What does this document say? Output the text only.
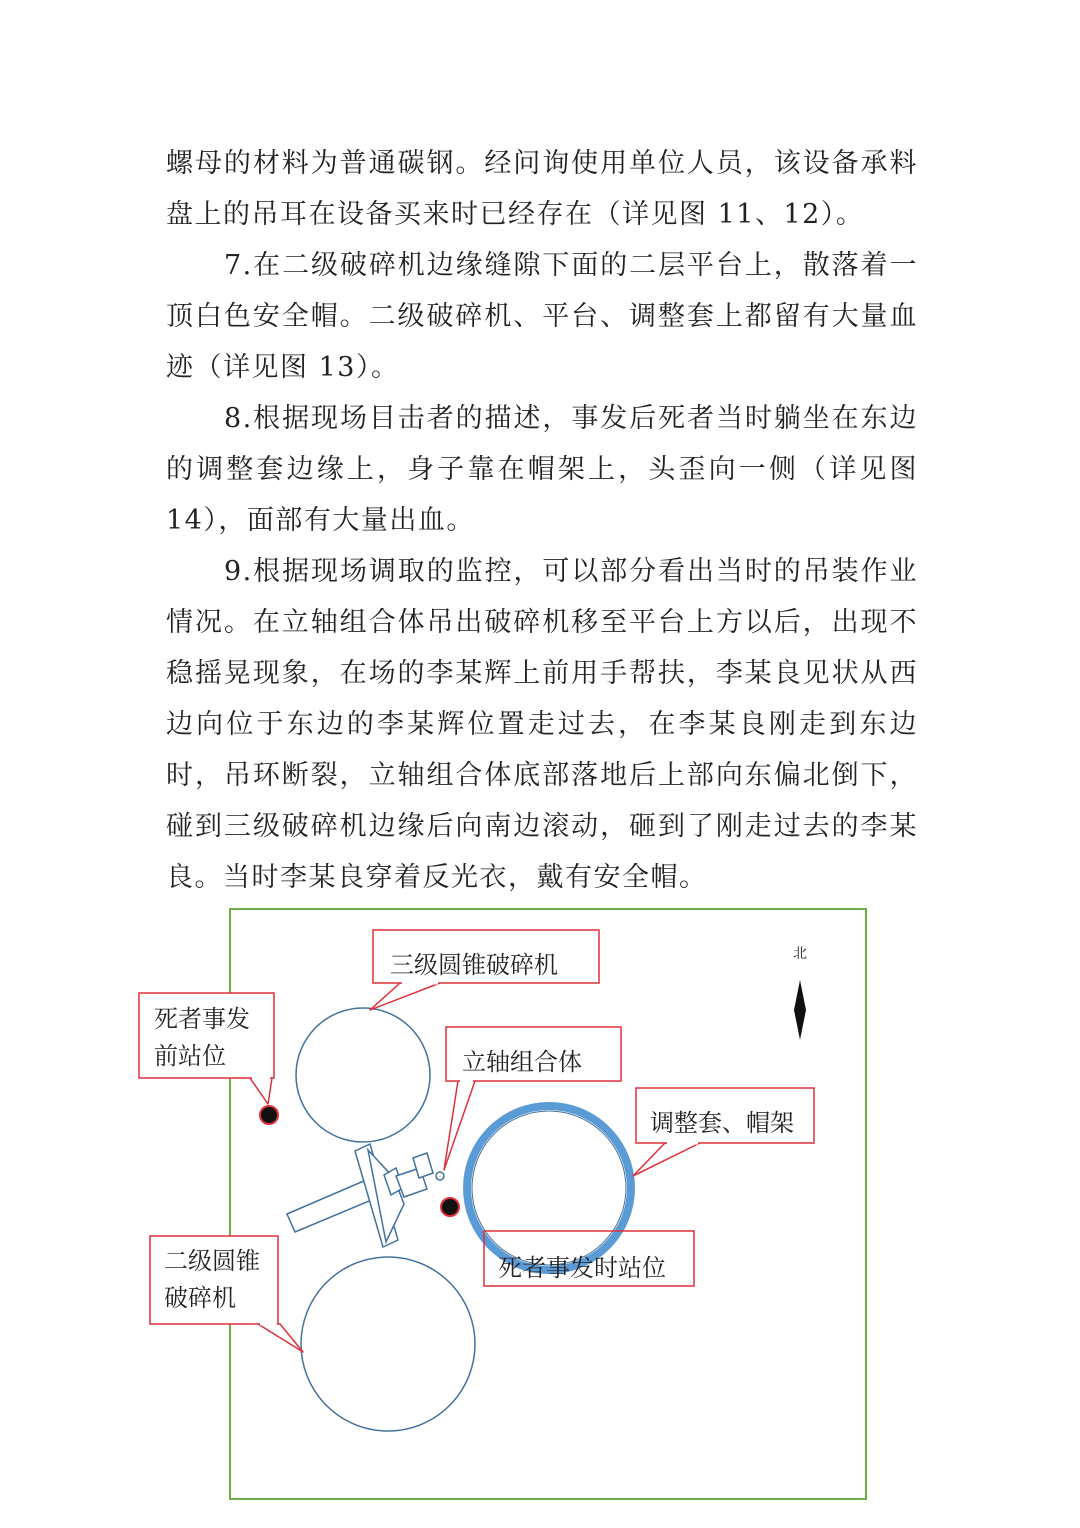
螺母的材料为普通碳钢。经问询使用单位人员，该设备承料盘上的吊耳在设备买来时已经存在（详见图 11、12）。

7.在二级破碎机边缘缝隙下面的二层平台上，散落着一顶白色安全帽。二级破碎机、平台、调整套上都留有大量血迹（详见图 13）。

8.根据现场目击者的描述，事发后死者当时躺坐在东边的调整套边缘上，身子靠在帽架上，头歪向一侧（详见图 14），面部有大量出血。

9.根据现场调取的监控，可以部分看出当时的吊装作业情况。在立轴组合体吊出破碎机移至平台上方以后，出现不稳摇晃现象，在场的李某辉上前用手帮扶，李某良见状从西边向位于东边的李某辉位置走过去，在李某良刚走到东边时，吊环断裂，立轴组合体底部落地后上部向东偏北倒下，碰到三级破碎机边缘后向南边滚动，砸到了刚走过去的李某良。当时李某良穿着反光衣，戴有安全帽。

北
三级圆锥破碎机
立轴组合体
调整套、帽架
死者事发
前站位
二级圆锥
破碎机
死者事发时站位
